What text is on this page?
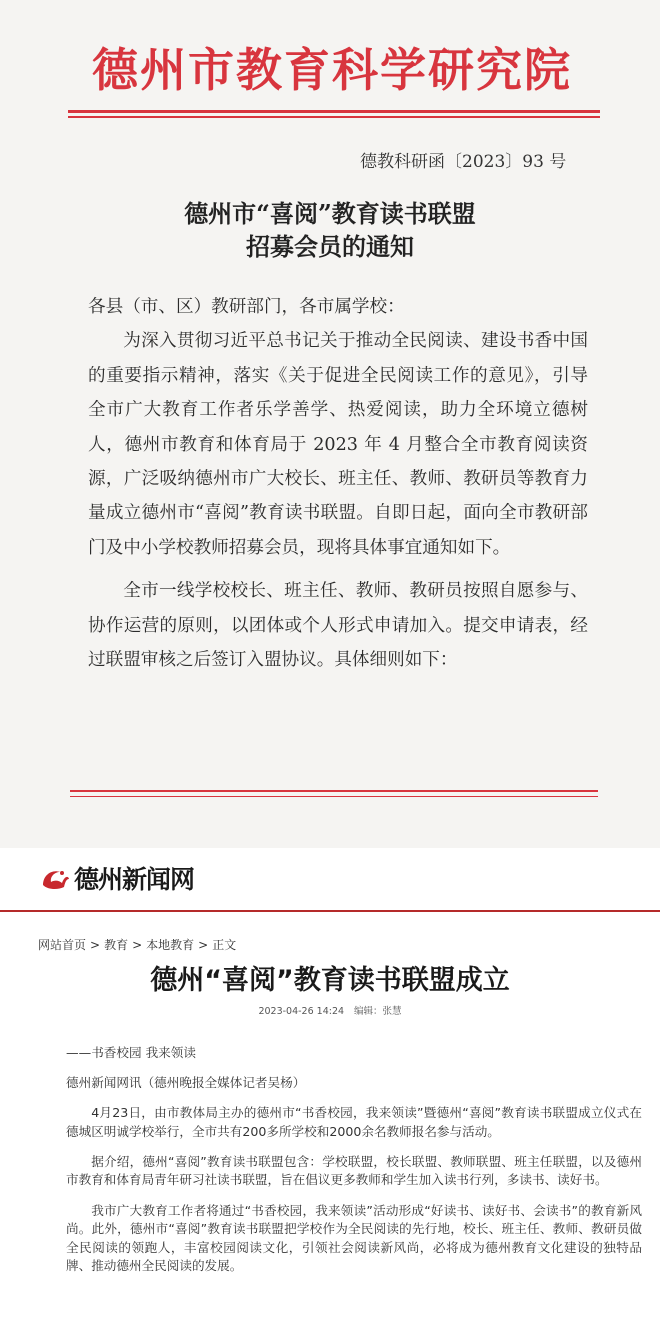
德州市教育科学研究院
德教科研函〔2023〕93 号
德州市“喜阅”教育读书联盟
招募会员的通知

各县（市、区）教研部门，各市属学校：

为深入贯彻习近平总书记关于推动全民阅读、建设书香中国的重要指示精神，落实《关于促进全民阅读工作的意见》，引导全市广大教育工作者乐学善学、热爱阅读，助力全环境立德树人，德州市教育和体育局于 2023 年 4 月整合全市教育阅读资源，广泛吸纳德州市广大校长、班主任、教师、教研员等教育力量成立德州市“喜阅”教育读书联盟。自即日起，面向全市教研部门及中小学校教师招募会员，现将具体事宜通知如下。

全市一线学校校长、班主任、教师、教研员按照自愿参与、协作运营的原则，以团体或个人形式申请加入。提交申请表，经过联盟审核之后签订入盟协议。具体细则如下：

德州新闻网
网站首页 > 教育 > 本地教育 > 正文
德州“喜阅”教育读书联盟成立
2023-04-26 14:24 编辑：张慧

——书香校园 我来领读

德州新闻网讯（德州晚报全媒体记者吴杨）

4月23日，由市教体局主办的德州市“书香校园，我来领读”暨德州“喜阅”教育读书联盟成立仪式在德城区明诚学校举行，全市共有200多所学校和2000余名教师报名参与活动。

据介绍，德州“喜阅”教育读书联盟包含：学校联盟，校长联盟、教师联盟、班主任联盟，以及德州市教育和体育局青年研习社读书联盟，旨在倡议更多教师和学生加入读书行列，多读书、读好书。

我市广大教育工作者将通过“书香校园，我来领读”活动形成“好读书、读好书、会读书”的教育新风尚。此外，德州市“喜阅”教育读书联盟把学校作为全民阅读的先行地，校长、班主任、教师、教研员做全民阅读的领跑人，丰富校园阅读文化，引领社会阅读新风尚，必将成为德州教育文化建设的独特品牌、推动德州全民阅读的发展。
